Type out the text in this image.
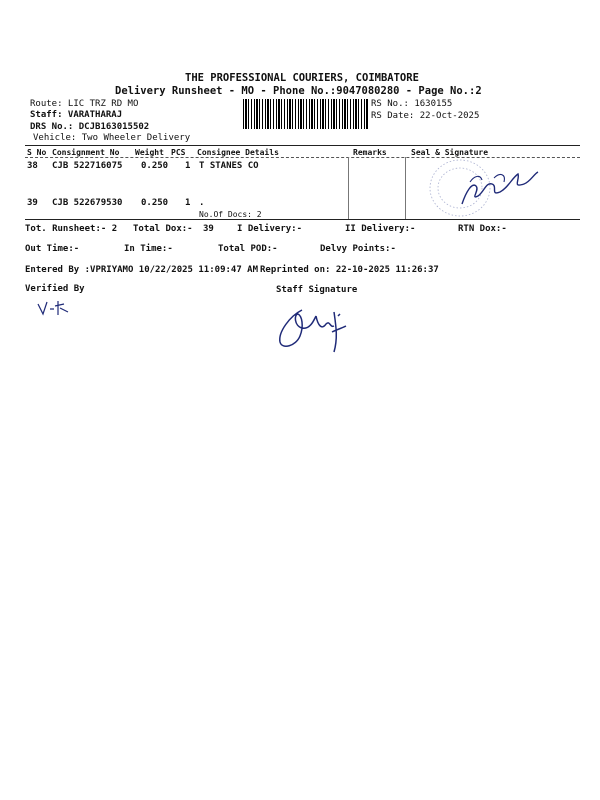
THE PROFESSIONAL COURIERS, COIMBATORE
Delivery Runsheet - MO - Phone No.:9047080280 - Page No.:2
Route: LIC TRZ RD MO
Staff: VARATHARAJ
DRS No.: DCJB163015502
Vehicle: Two Wheeler Delivery
RS No.: 1630155
RS Date: 22-Oct-2025
S No Consignment No Weight PCS Consignee Details	Remarks	Seal & Signature
38 CJB 522716075 0.250 1 T STANES CO
39 CJB 522679530 0.250 1 .
No.Of Docs: 2
Tot. Runsheet:- 2 Total Dox:- 39	I Delivery:-	II Delivery:-	RTN Dox:-
Out Time:-	In Time:-	Total POD:-	Delvy Points:-
Entered By :VPRIYAMO 10/22/2025 11:09:47 AM Reprinted on: 22-10-2025 11:26:37
Verified By	Staff Signature
